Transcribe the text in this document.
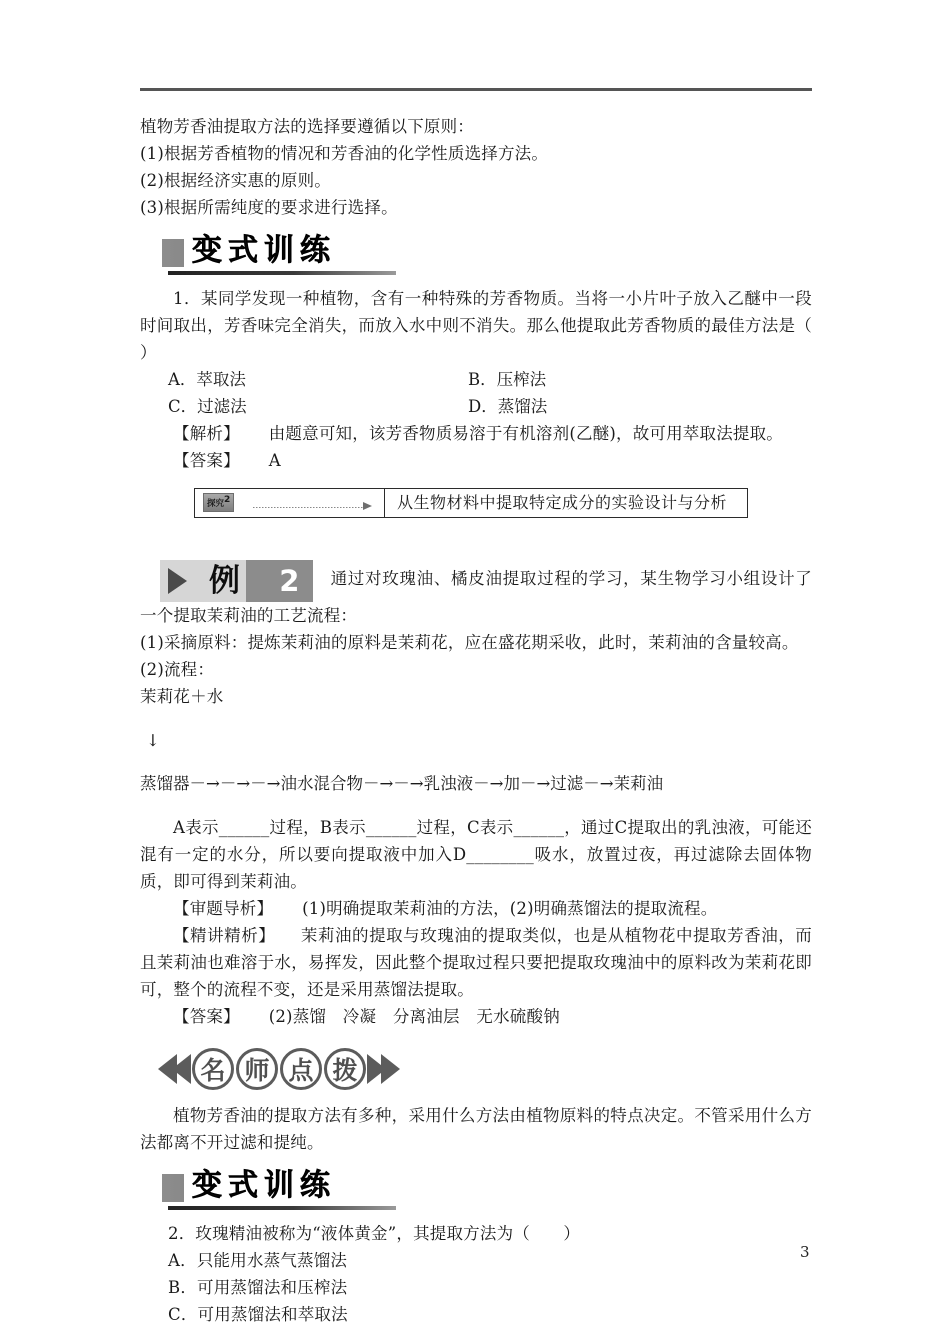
植物芳香油提取方法的选择要遵循以下原则：

(1)根据芳香植物的情况和芳香油的化学性质选择方法。

(2)根据经济实惠的原则。

(3)根据所需纯度的要求进行选择。

变式训练

1．某同学发现一种植物，含有一种特殊的芳香物质。当将一小片叶子放入乙醚中一段时间取出，芳香味完全消失，而放入水中则不消失。那么他提取此芳香物质的最佳方法是（ ）

A．萃取法	B．压榨法
C．过滤法	D．蒸馏法

【解析】 由题意可知，该芳香物质易溶于有机溶剂(乙醚)，故可用萃取法提取。

【答案】 A

探究$^2$	从生物材料中提取特定成分的实验设计与分析

例	2	通过对玫瑰油、橘皮油提取过程的学习，某生物学习小组设计了一个提取茉莉油的工艺流程：

(1)采摘原料：提炼茉莉油的原料是茉莉花，应在盛花期采收，此时，茉莉油的含量较高。

(2)流程：

茉莉花＋水

↓

蒸馏器－→－→－→油水混合物－→－→乳浊液－→加－→过滤－→茉莉油

A表示______过程，B表示______过程，C表示______，通过C提取出的乳浊液，可能还混有一定的水分，所以要向提取液中加入D________吸水，放置过夜，再过滤除去固体物质，即可得到茉莉油。

【审题导析】 (1)明确提取茉莉油的方法，(2)明确蒸馏法的提取流程。

【精讲精析】 茉莉油的提取与玫瑰油的提取类似，也是从植物花中提取芳香油，而且茉莉油也难溶于水，易挥发，因此整个提取过程只要把提取玫瑰油中的原料改为茉莉花即可，整个的流程不变，还是采用蒸馏法提取。

【答案】 (2)蒸馏　冷凝　分离油层　无水硫酸钠

名 师 点 拨

植物芳香油的提取方法有多种，采用什么方法由植物原料的特点决定。不管采用什么方法都离不开过滤和提纯。

变式训练

2．玫瑰精油被称为“液体黄金”，其提取方法为（　　）

A．只能用水蒸气蒸馏法

B．可用蒸馏法和压榨法

C．可用蒸馏法和萃取法

3
